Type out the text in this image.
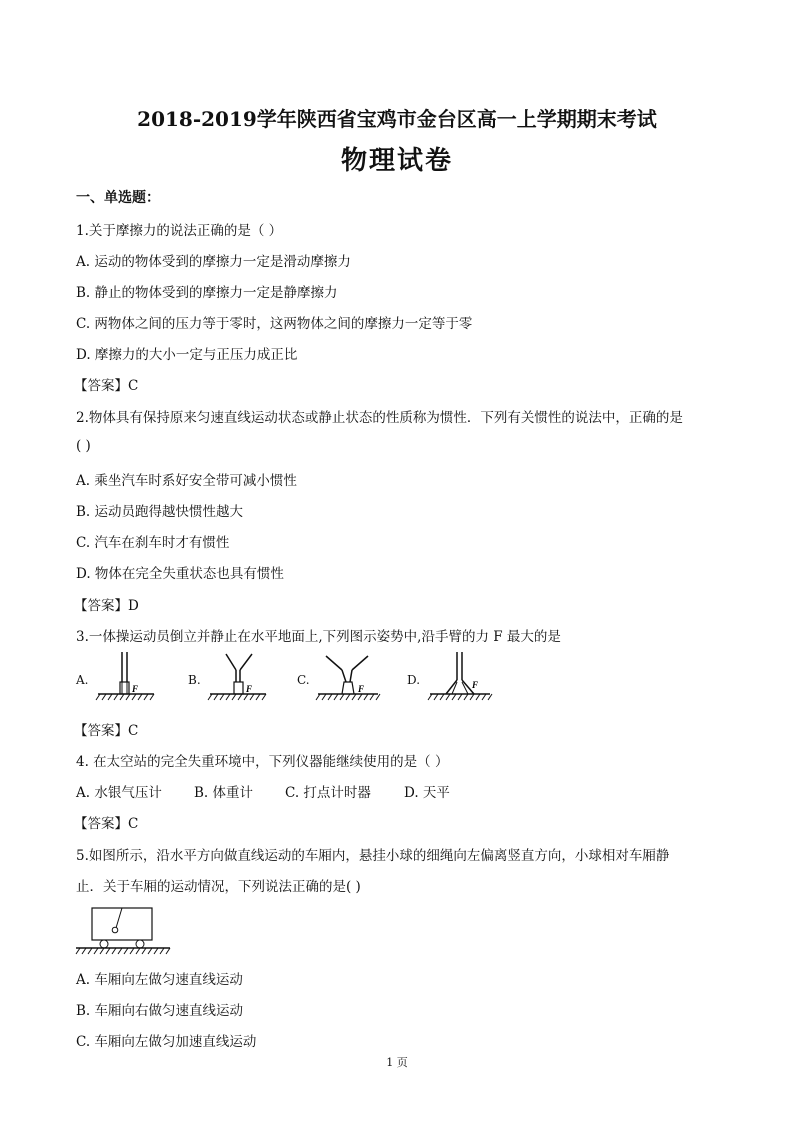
2018-2019学年陕西省宝鸡市金台区高一上学期期末考试
物理试卷
一、单选题：
1.关于摩擦力的说法正确的是（ ）
A. 运动的物体受到的摩擦力一定是滑动摩擦力
B. 静止的物体受到的摩擦力一定是静摩擦力
C. 两物体之间的压力等于零时，这两物体之间的摩擦力一定等于零
D. 摩擦力的大小一定与正压力成正比
【答案】C
2.物体具有保持原来匀速直线运动状态或静止状态的性质称为惯性．下列有关惯性的说法中，正确的是
( )
A. 乘坐汽车时系好安全带可减小惯性
B. 运动员跑得越快惯性越大
C. 汽车在刹车时才有惯性
D. 物体在完全失重状态也具有惯性
【答案】D
3.一体操运动员倒立并静止在水平地面上,下列图示姿势中,沿手臂的力 F 最大的是
A.	B.	C.	D.
F	F	F	F
【答案】C
4. 在太空站的完全失重环境中，下列仪器能继续使用的是（ ）
A. 水银气压计 B. 体重计 C. 打点计时器 D. 天平
【答案】C
5.如图所示，沿水平方向做直线运动的车厢内，悬挂小球的细绳向左偏离竖直方向，小球相对车厢静
止．关于车厢的运动情况，下列说法正确的是( )
A. 车厢向左做匀速直线运动
B. 车厢向右做匀速直线运动
C. 车厢向左做匀加速直线运动
1 页
